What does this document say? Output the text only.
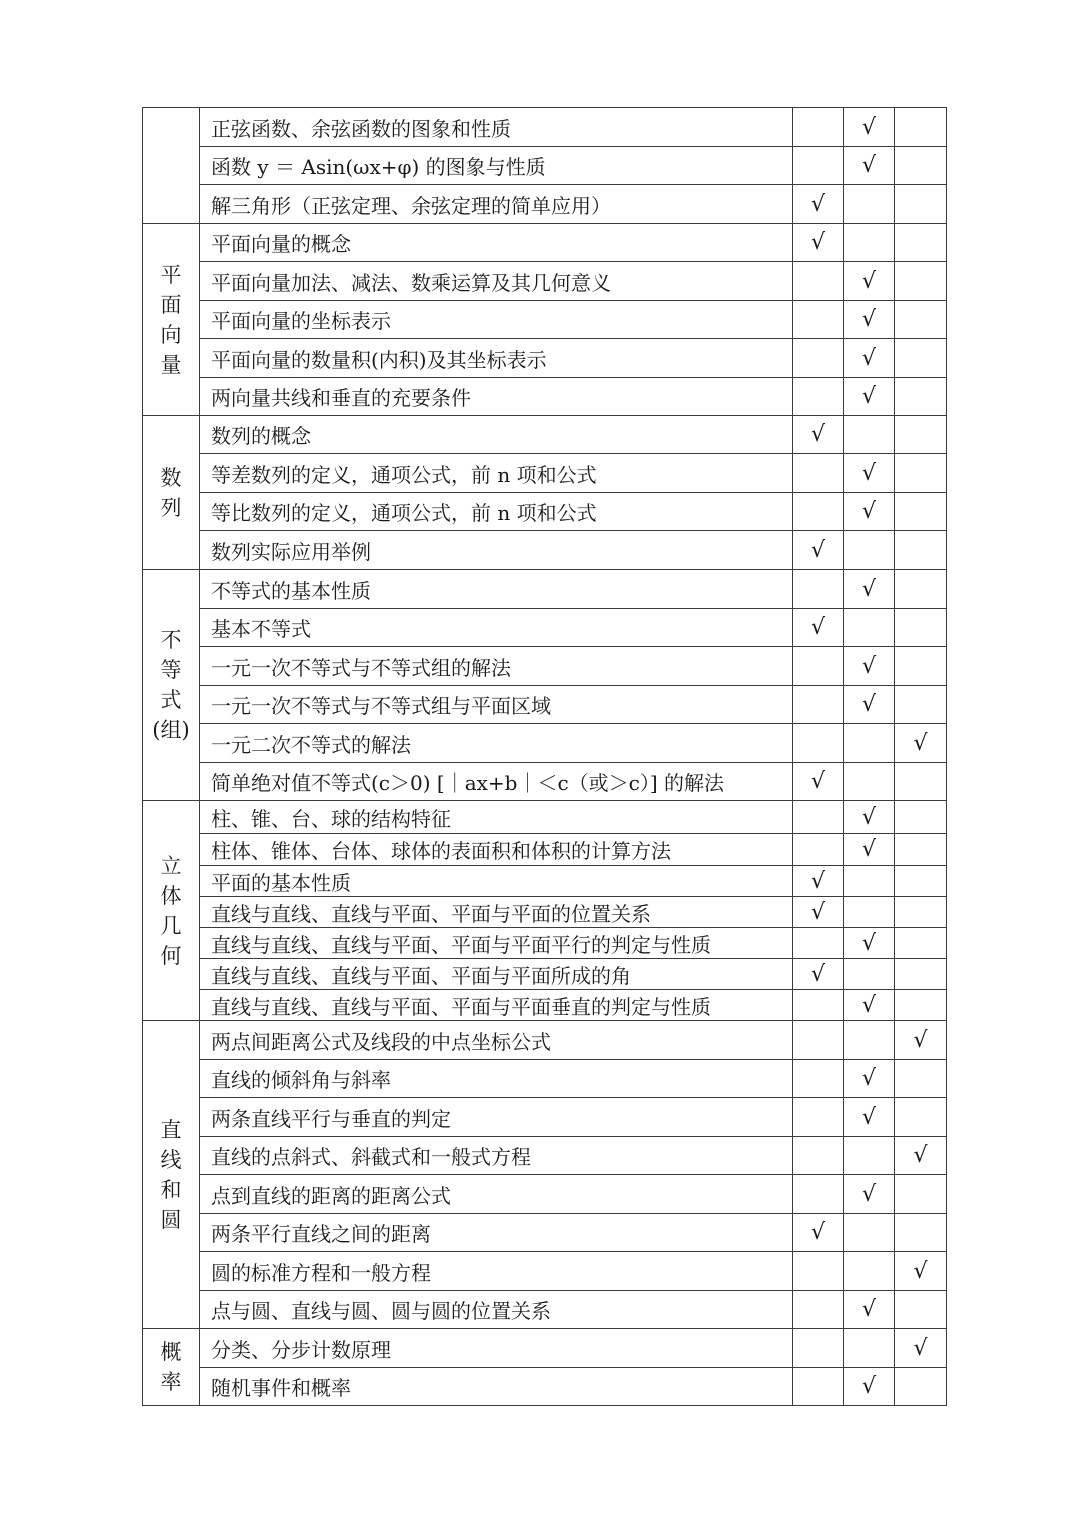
	正弦函数、余弦函数的图象和性质		√	
	函数 y ＝ Asin(ωx+φ) 的图象与性质		√	
	解三角形（正弦定理、余弦定理的简单应用）	√		
平
面
向
量	平面向量的概念	√		
	平面向量加法、减法、数乘运算及其几何意义		√	
	平面向量的坐标表示		√	
	平面向量的数量积(内积)及其坐标表示		√	
	两向量共线和垂直的充要条件		√	
数
列	数列的概念	√		
	等差数列的定义，通项公式，前 n 项和公式		√	
	等比数列的定义，通项公式，前 n 项和公式		√	
	数列实际应用举例	√		
不
等
式
(组)	不等式的基本性质		√	
	基本不等式	√		
	一元一次不等式与不等式组的解法		√	
	一元一次不等式与不等式组与平面区域		√	
	一元二次不等式的解法			√
	简单绝对值不等式(c＞0) [｜ax+b｜＜c（或＞c）] 的解法	√		
立
体
几
何	柱、锥、台、球的结构特征		√	
	柱体、锥体、台体、球体的表面积和体积的计算方法		√	
	平面的基本性质	√		
	直线与直线、直线与平面、平面与平面的位置关系	√		
	直线与直线、直线与平面、平面与平面平行的判定与性质		√	
	直线与直线、直线与平面、平面与平面所成的角	√		
	直线与直线、直线与平面、平面与平面垂直的判定与性质		√	
直
线
和
圆	两点间距离公式及线段的中点坐标公式			√
	直线的倾斜角与斜率		√	
	两条直线平行与垂直的判定		√	
	直线的点斜式、斜截式和一般式方程			√
	点到直线的距离的距离公式		√	
	两条平行直线之间的距离	√		
	圆的标准方程和一般方程			√
	点与圆、直线与圆、圆与圆的位置关系		√	
概
率	分类、分步计数原理			√
	随机事件和概率		√	
